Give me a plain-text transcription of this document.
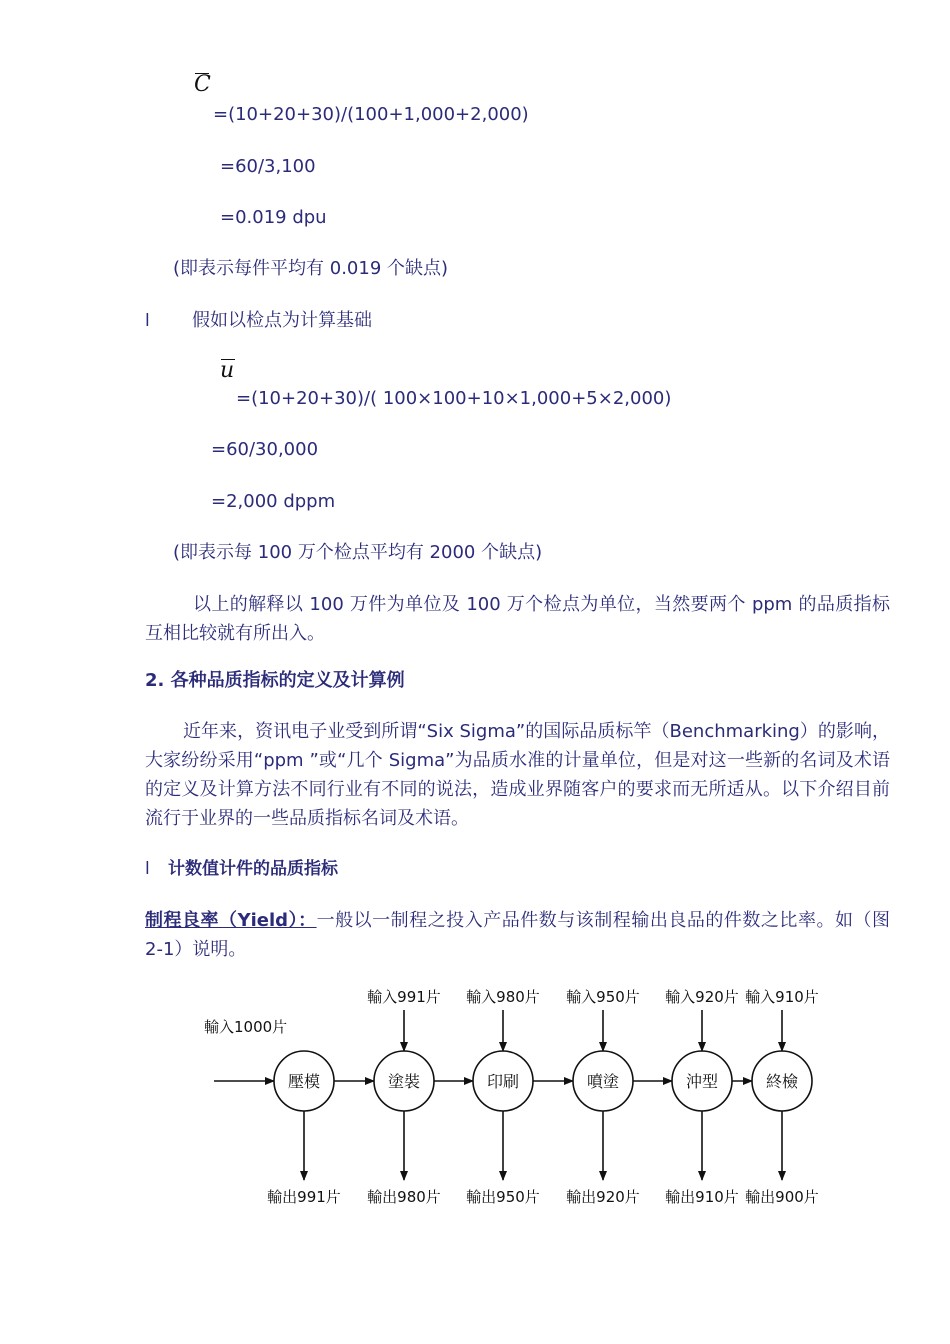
C
=(10+20+30)/(100+1,000+2,000)
=60/3,100
=0.019 dpu
(即表示每件平均有 0.019 个缺点)
l 假如以检点为计算基础
u
=(10+20+30)/( 100×100+10×1,000+5×2,000)
=60/30,000
=2,000 dppm
(即表示每 100 万个检点平均有 2000 个缺点)
以上的解释以 100 万件为单位及 100 万个检点为单位，当然要两个 ppm 的品质指标互相比较就有所出入。
2. 各种品质指标的定义及计算例
近年来，资讯电子业受到所谓“Six Sigma”的国际品质标竿（Benchmarking）的影响，大家纷纷采用“ppm ”或“几个 Sigma”为品质水准的计量单位，但是对这一些新的名词及术语的定义及计算方法不同行业有不同的说法，造成业界随客户的要求而无所适从。以下介绍目前流行于业界的一些品质指标名词及术语。
l 计数值计件的品质指标
制程良率（Yield）：一般以一制程之投入产品件数与该制程输出良品的件数之比率。如（图 2-1）说明。
輸入1000片
壓模
輸出991片
塗裝
輸入991片
輸出980片
印刷
輸入980片
輸出950片
噴塗
輸入950片
輸出920片
沖型
輸入920片
輸出910片
終檢
輸入910片
輸出900片
